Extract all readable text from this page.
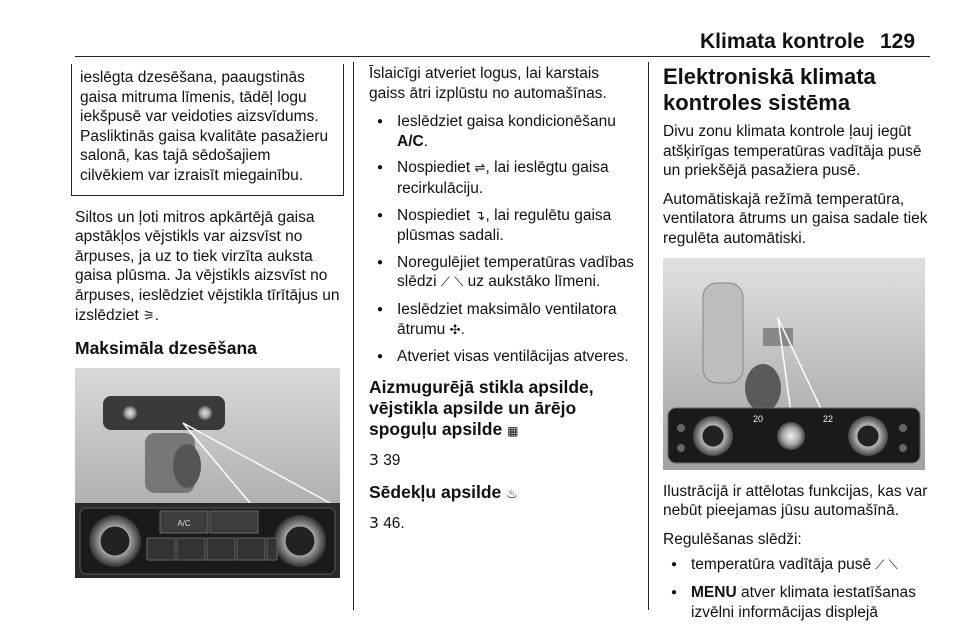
Klimata kontrole 129
ieslēgta dzesēšana, paaugstinās gaisa mitruma līmenis, tādēļ logu iekšpusē var veidoties aizsvīdums. Pasliktinās gaisa kvalitāte pasažieru salonā, kas tajā sēdošajiem cilvēkiem var izraisīt miegainību.

Siltos un ļoti mitros apkārtējā gaisa apstākļos vējstikls var aizsvīst no ārpuses, ja uz to tiek virzīta auksta gaisa plūsma. Ja vējstikls aizsvīst no ārpuses, ieslēdziet vējstikla tīrītājus un izslēdziet ⚞.

Maksimāla dzesēšana
A/C

Īslaicīgi atveriet logus, lai karstais gaiss ātri izplūstu no automašīnas.

● Ieslēdziet gaisa kondicionēšanu A/C.
● Nospiediet ⇌, lai ieslēgtu gaisa recirkulāciju.
● Nospiediet ↴, lai regulētu gaisa plūsmas sadali.
● Noregulējiet temperatūras vadības slēdzi ⟋ ⟍ uz aukstāko līmeni.
● Ieslēdziet maksimālo ventilatora ātrumu ✣.
● Atveriet visas ventilācijas atveres.
Aizmugurējā stikla apsilde, vējstikla apsilde un ārējo spoguļu apsilde ▦

3 39

Sēdekļu apsilde ♨

3 46.

Elektroniskā klimata kontroles sistēma

Divu zonu klimata kontrole ļauj iegūt atšķirīgas temperatūras vadītāja pusē un priekšējā pasažiera pusē.

Automātiskajā režīmā temperatūra, ventilatora ātrums un gaisa sadale tiek regulēta automātiski.

20	22

Ilustrācijā ir attēlotas funkcijas, kas var nebūt pieejamas jūsu automašīnā.

Regulēšanas slēdži:

● temperatūra vadītāja pusē ⟋ ⟍
● MENU atver klimata iestatīšanas izvēlni informācijas displejā
